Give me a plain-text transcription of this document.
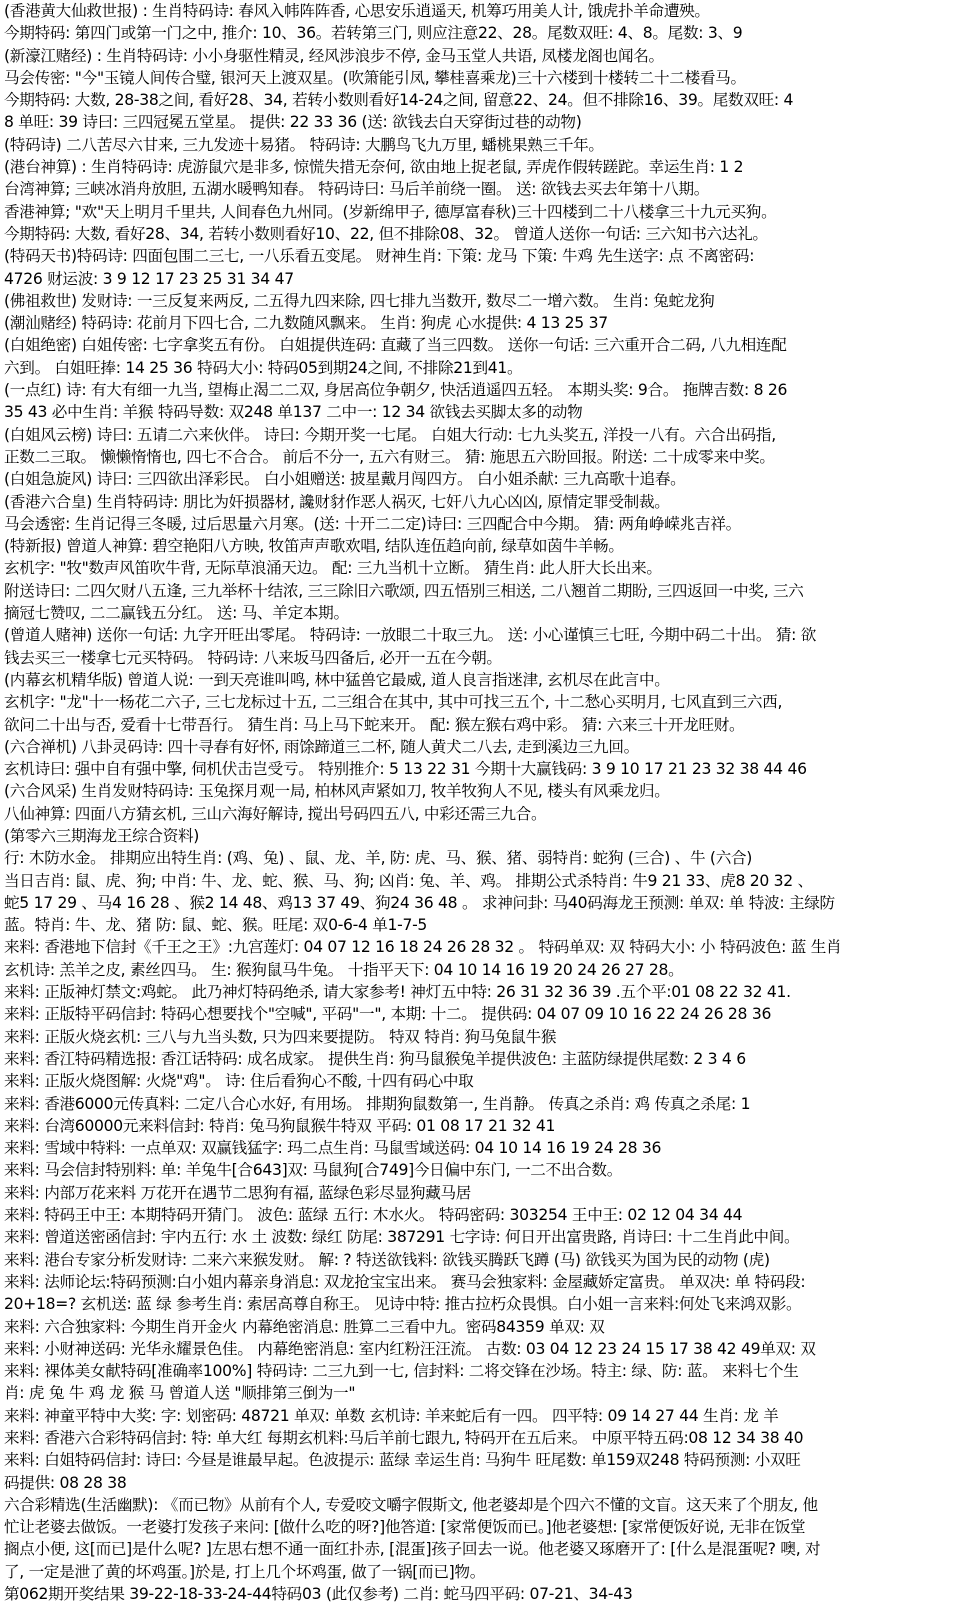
(香港黄大仙救世报) : 生肖特码诗: 春风入帏阵阵香, 心思安乐逍遥天, 机筹巧用美人计, 饿虎扑羊命遭殃。
今期特码: 第四门或第一门之中, 推介: 10、36。若转第三门, 则应注意22、28。尾数双旺: 4、8。尾数: 3、9
(新濠江赌经) : 生肖特码诗: 小小身驱性精灵, 经风涉浪步不停, 金马玉堂人共语, 凤楼龙阁也闻名。
马会传密: "今"玉镜人间传合璧, 银河天上渡双星。(吹箫能引凤, 攀桂喜乘龙)三十六楼到十楼转二十二楼看马。
今期特码: 大数, 28-38之间, 看好28、34, 若转小数则看好14-24之间, 留意22、24。但不排除16、39。尾数双旺: 4
8 单旺: 39 诗曰: 三四冠冕五堂星。 提供: 22 33 36 (送: 欲钱去白天穿街过巷的动物)
(特码诗) 二八苦尽六甘来, 三九发迹十易猪。 特码诗: 大鹏鸟飞九万里, 蟠桃果熟三千年。
(港台神算) : 生肖特码诗: 虎游鼠穴是非多, 惊慌失措无奈何, 欲由地上捉老鼠, 弄虎作假转蹉跎。幸运生肖: 1 2
台湾神算; 三峡冰消舟放胆, 五湖水暖鸭知春。 特码诗曰: 马后羊前绕一圈。 送: 欲钱去买去年第十八期。
香港神算; "欢"天上明月千里共, 人间春色九州同。(岁新绵甲子, 德厚富春秋)三十四楼到二十八楼拿三十九元买狗。
今期特码: 大数, 看好28、34, 若转小数则看好10、22, 但不排除08、32。 曾道人送你一句话: 三六知书六达礼。
(特码天书)特码诗: 四面包围二三七, 一八乐看五变尾。 财神生肖: 下策: 龙马 下策: 牛鸡 先生送字: 点 不离密码:
4726 财运波: 3 9 12 17 23 25 31 34 47
(佛祖救世) 发财诗: 一三反复来两反, 二五得九四来除, 四七排九当数开, 数尽二一增六数。 生肖: 兔蛇龙狗
(潮汕赌经) 特码诗: 花前月下四七合, 二九数随风飘来。 生肖: 狗虎 心水提供: 4 13 25 37
(白姐绝密) 白姐传密: 七字拿奖五有份。 白姐提供连码: 直藏了当三四数。 送你一句话: 三六重开合二码, 八九相连配
六到。 白姐旺捧: 14 25 36 特码大小: 特码05到期24之间, 不排除21到41。
(一点红) 诗: 有大有细一九当, 望梅止渴二二双, 身居高位争朝夕, 快活逍遥四五轻。 本期头奖: 9合。 拖牌吉数: 8 26
35 43 必中生肖: 羊猴 特码导数: 双248 单137 二中一: 12 34 欲钱去买脚太多的动物
(白姐风云榜) 诗曰: 五请二六来伙伴。 诗曰: 今期开奖一七尾。 白姐大行动: 七九头奖五, 洋投一八有。六合出码指,
正数二三取。 懒懒惰惰也, 四七不合合。 前后不分一, 五六有财三。 猜: 施思五六盼回报。附送: 二十成零来中奖。
(白姐急旋风) 诗曰: 三四欲出泽彩民。 白小姐赠送: 披星戴月闯四方。 白小姐杀献: 三九高歌十追春。
(香港六合皇) 生肖特码诗: 朋比为奸损器材, 讒财豺作恶人祸灭, 七奸八九心凶凶, 原情定罪受制裁。
马会透密: 生肖记得三冬暖, 过后思量六月寒。(送: 十开二二定)诗曰: 三四配合中今期。 猜: 两角峥嵘兆吉祥。
(特新报) 曾道人神算: 碧空艳阳八方映, 牧笛声声歌欢唱, 结队连伍趋向前, 绿草如茵牛羊畅。
玄机字: "牧"数声风笛吹牛背, 无际草浪涌天边。 配: 三九当机十立断。 猜生肖: 此人肝大长出来。
附送诗曰: 二四欠财八五逢, 三九举杯十结浓, 三三除旧六歌颂, 四五悟别三相送, 二八翘首二期盼, 三四返回一中奖, 三六
摘冠七赞叹, 二二赢钱五分红。 送: 马、羊定本期。
(曾道人赌神) 送你一句话: 九字开旺出零尾。 特码诗: 一放眼二十取三九。 送: 小心谨慎三七旺, 今期中码二十出。 猜: 欲
钱去买三一楼拿七元买特码。 特码诗: 八来坂马四备后, 必开一五在今朝。
(内幕玄机精华版) 曾道人说: 一到天亮谁叫鸣, 林中猛兽它最威, 道人良言指迷津, 玄机尽在此言中。
玄机字: "龙"十一杨花二六子, 三七龙标过十五, 二三组合在其中, 其中可找三五个, 十二愁心买明月, 七风直到三六西,
欲问二十出与否, 爱看十七带吾行。 猜生肖: 马上马下蛇来开。 配: 猴左猴右鸡中彩。 猜: 六来三十开龙旺财。
(六合禅机) 八卦灵码诗: 四十寻春有好怀, 雨馀蹄道三二杯, 随人黄犬二八去, 走到溪边三九回。
玄机诗曰: 强中自有强中擎, 伺机伏击岂受亏。 特别推介: 5 13 22 31 今期十大赢钱码: 3 9 10 17 21 23 32 38 44 46
(六合风采) 生肖发财特码诗: 玉兔探月观一局, 柏林风声紧如刀, 牧羊牧狗人不见, 楼头有风乘龙归。
八仙神算: 四面八方猜玄机, 三山六海好解诗, 搅出号码四五八, 中彩还需三九合。
(第零六三期海龙王综合资料)
行: 木防水金。 排期应出特生肖: (鸡、兔) 、鼠、龙、羊, 防: 虎、马、猴、猪、弱特肖: 蛇狗 (三合) 、牛 (六合)
当日吉肖: 鼠、虎、狗; 中肖: 牛、龙、蛇、猴、马、狗; 凶肖: 兔、羊、鸡。 排期公式杀特肖: 牛9 21 33、虎8 20 32 、
蛇5 17 29 、马4 16 28 、猴2 14 48、鸡13 37 49、狗24 36 48 。 求神问卦: 马40码海龙王预测: 单双: 单 特波: 主绿防
蓝。特肖: 牛、龙、猪 防: 鼠、蛇、猴。旺尾: 双0-6-4 单1-7-5
来料: 香港地下信封《千王之王》:九宫莲灯: 04 07 12 16 18 24 26 28 32 。 特码单双: 双 特码大小: 小 特码波色: 蓝 生肖
玄机诗: 羔羊之皮, 素丝四马。 生: 猴狗鼠马牛兔。 十指平天下: 04 10 14 16 19 20 24 26 27 28。
来料: 正版神灯禁文:鸡蛇。 此乃神灯特码绝杀, 请大家参考! 神灯五中特: 26 31 32 36 39 .五个平:01 08 22 32 41.
来料: 正版特平码信封: 特码心想要找个"空喊", 平码"一", 本期: 十二。 提供码: 04 07 09 10 16 22 24 26 28 36
来料: 正版火烧玄机: 三八与九当头数, 只为四来要提防。 特双 特肖: 狗马兔鼠牛猴
来料: 香江特码精选报: 香江话特码: 成名成家。 提供生肖: 狗马鼠猴兔羊提供波色: 主蓝防绿提供尾数: 2 3 4 6
来料: 正版火烧图解: 火烧"鸡"。 诗: 住后看狗心不酸, 十四有码心中取
来料: 香港6000元传真料: 二定八合心水好, 有用场。 排期狗鼠数第一, 生肖静。 传真之杀肖: 鸡 传真之杀尾: 1
来料: 台湾60000元来料信封: 特肖: 兔马狗鼠猴牛特双 平码: 01 08 17 21 32 41
来料: 雪域中特料: 一点单双: 双赢钱猛字: 玛二点生肖: 马鼠雪域送码: 04 10 14 16 19 24 28 36
来料: 马会信封特别料: 单: 羊兔牛[合643]双: 马鼠狗[合749]今日偏中东门, 一二不出合数。
来料: 内部万花来料 万花开在遇节二思狗有福, 蓝绿色彩尽显狗藏马居
来料: 特码王中王: 本期特码开猜门。 波色: 蓝绿 五行: 木水火。 特码密码: 303254 王中王: 02 12 04 34 44
来料: 曾道送密函信封: 宇内五行: 水 土 波数: 绿红 防尾: 387291 七字诗: 何日开出富贵路, 肖诗曰: 十二生肖此中间。
来料: 港台专家分析发财诗: 二来六来猴发财。 解: ? 特送欲钱料: 欲钱买腾跃飞蹲 (马) 欲钱买为国为民的动物 (虎)
来料: 法师论坛:特码预测:白小姐内幕亲身消息: 双龙抢宝宝出来。 赛马会独家料: 金屋藏娇定富贵。 单双决: 单 特码段:
20+18=? 玄机送: 蓝 绿 参考生肖: 索居高尊自称王。 见诗中特: 推古拉朽众畏惧。白小姐一言来料:何处飞来鸿双影。
来料: 六合独家料: 今期生肖开金火 内幕绝密消息: 胜算二三看中九。密码84359 单双: 双
来料: 小财神送码: 光华永耀景色佳。 内幕绝密消息: 室内红粉汪汪流。 古数: 03 04 12 23 24 15 17 38 42 49单双: 双
来料: 裸体美女献特码[准确率100%] 特码诗: 二三九到一七, 信封料: 二将交锋在沙场。特主: 绿、防: 蓝。 来料七个生
肖: 虎 兔 牛 鸡 龙 猴 马 曾道人送 "顺排第三倒为一"
来料: 神童平特中大奖: 字: 划密码: 48721 单双: 单数 玄机诗: 羊来蛇后有一四。 四平特: 09 14 27 44 生肖: 龙 羊
来料: 香港六合彩特码信封: 特: 单大红 每期玄机料:马后羊前七跟九, 特码开在五后来。 中原平特五码:08 12 34 38 40
来料: 白姐特码信封: 诗曰: 今昼是谁最早起。色波提示: 蓝绿 幸运生肖: 马狗牛 旺尾数: 单159双248 特码预测: 小双旺
码提供: 08 28 38
六合彩精选(生活幽默): 《而已物》从前有个人, 专爱咬文嚼字假斯文, 他老婆却是个四六不懂的文盲。这天来了个朋友, 他
忙让老婆去做饭。一老婆打发孩子来问: [做什么吃的呀?]他答道: [家常便饭而已。]他老婆想: [家常便饭好说, 无非在饭堂
搁点小便, 这[而已]是什么呢? ]左思右想不通一面红扑赤, [混蛋]孩子回去一说。他老婆又琢磨开了: [什么是混蛋呢? 噢, 对
了, 一定是泄了黄的坏鸡蛋。]於是, 打上几个坏鸡蛋, 做了一锅[而已]物。
第062期开奖结果 39-22-18-33-24-44特码03 (此仅参考) 二肖: 蛇马四平码: 07-21、34-43
